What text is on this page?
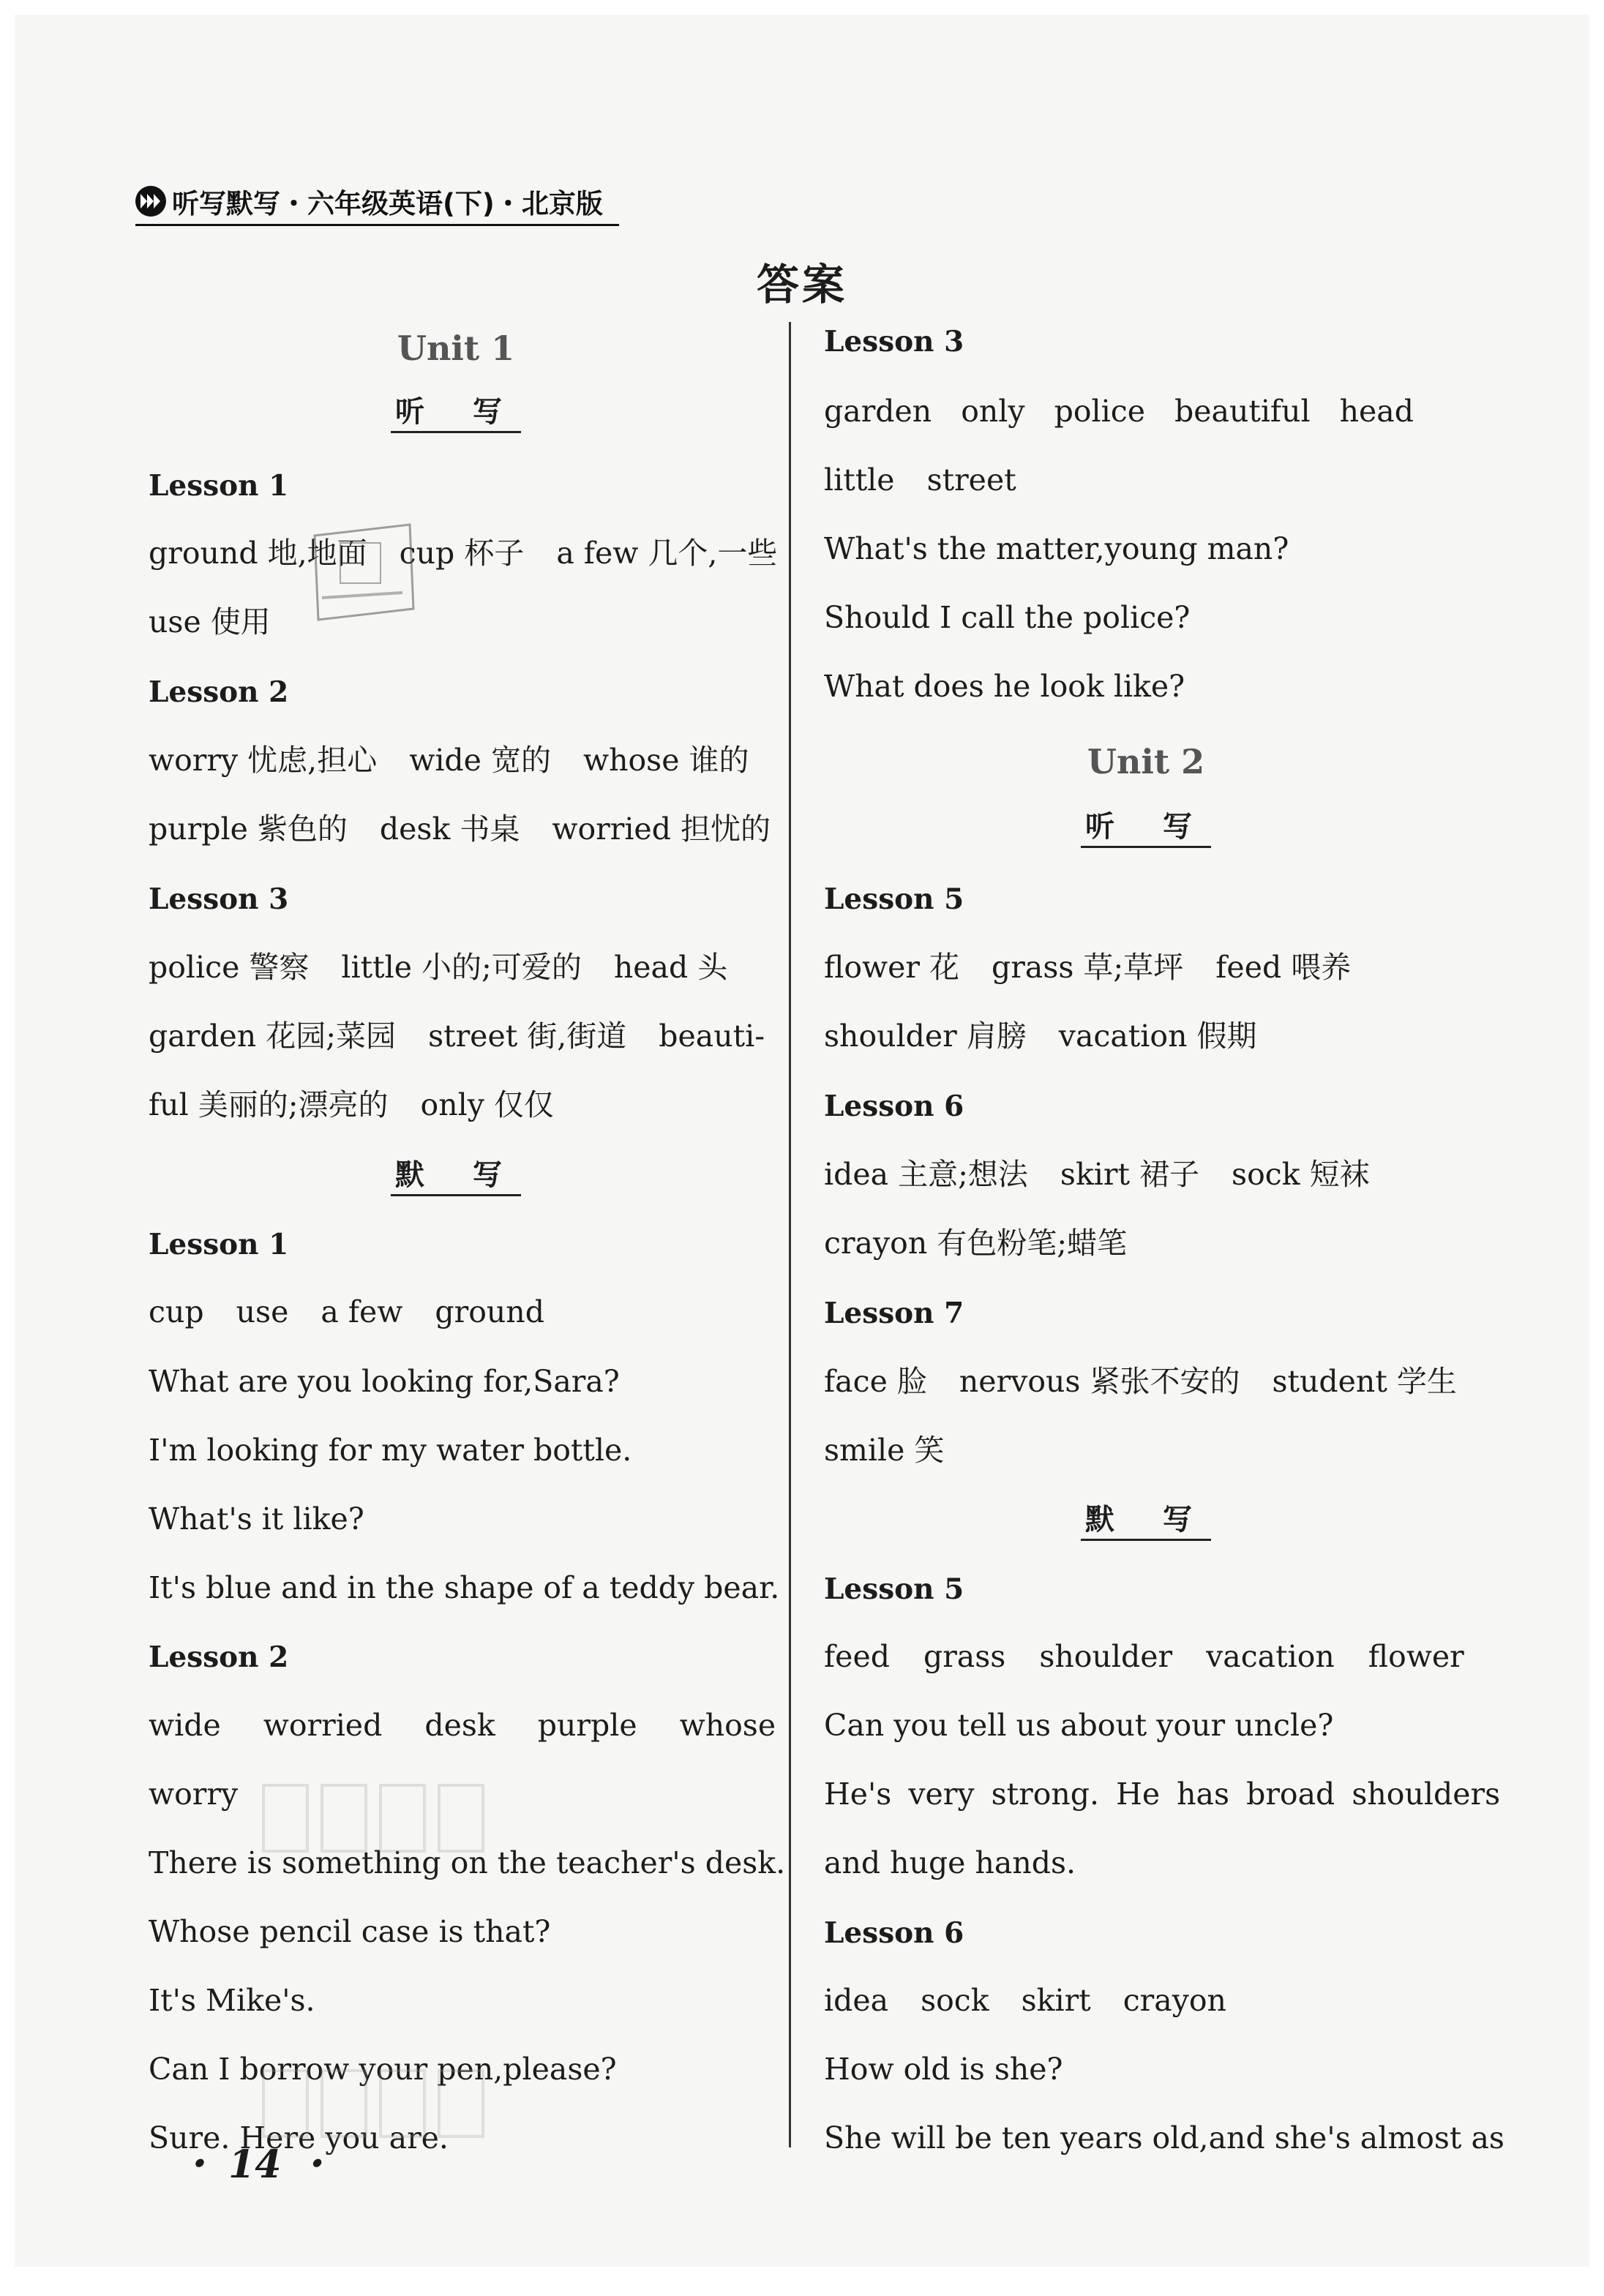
听写默写・六年级英语(下)・北京版
答案
Unit 1
听 写
Lesson 1
ground 地,地面 cup 杯子 a few 几个,一些
use 使用
Lesson 2
worry 忧虑,担心 wide 宽的 whose 谁的
purple 紫色的 desk 书桌 worried 担忧的
Lesson 3
police 警察 little 小的;可爱的 head 头
garden 花园;菜园 street 街,街道 beauti-
ful 美丽的;漂亮的 only 仅仅
默 写
Lesson 1
cup use a few ground
What are you looking for,Sara?
I'm looking for my water bottle.
What's it like?
It's blue and in the shape of a teddy bear.
Lesson 2
wide worried desk purple whose
worry
There is something on the teacher's desk.
Whose pencil case is that?
It's Mike's.
Can I borrow your pen,please?
Sure. Here you are.
Lesson 3
garden only police beautiful head
little street
What's the matter,young man?
Should I call the police?
What does he look like?
Unit 2
听 写
Lesson 5
flower 花 grass 草;草坪 feed 喂养
shoulder 肩膀 vacation 假期
Lesson 6
idea 主意;想法 skirt 裙子 sock 短袜
crayon 有色粉笔;蜡笔
Lesson 7
face 脸 nervous 紧张不安的 student 学生
smile 笑
默 写
Lesson 5
feed grass shoulder vacation flower
Can you tell us about your uncle?
He's very strong. He has broad shoulders
and huge hands.
Lesson 6
idea sock skirt crayon
How old is she?
She will be ten years old,and she's almost as
・ 14 ・
